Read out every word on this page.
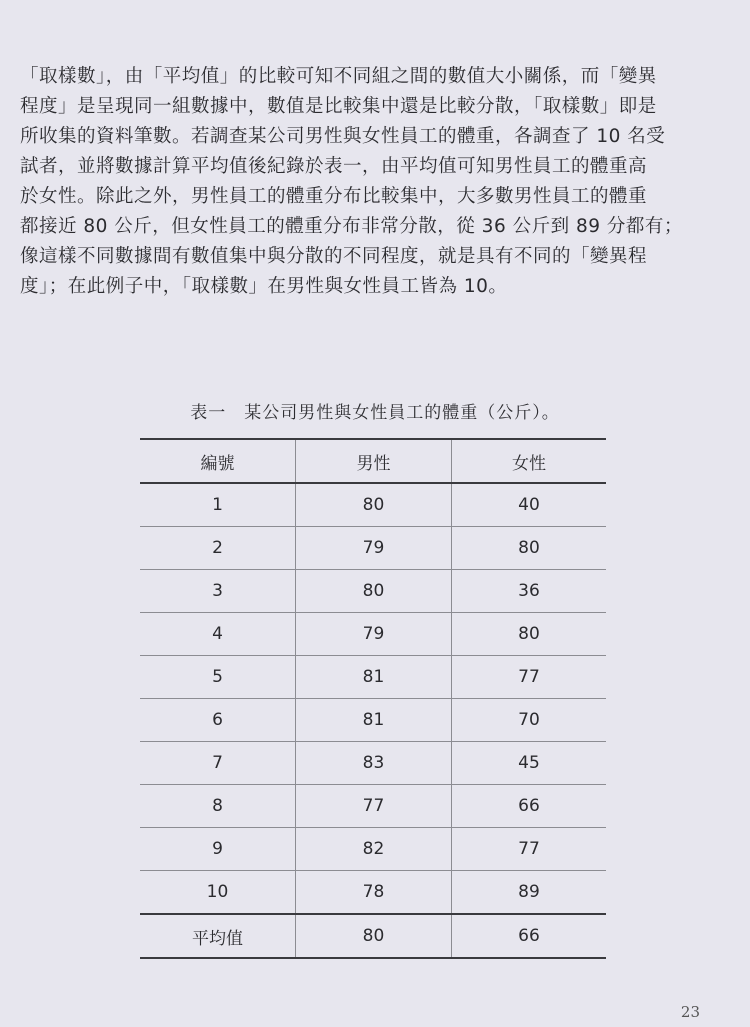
「取樣數」，由「平均值」的比較可知不同組之間的數值大小關係，而「變異
程度」是呈現同一組數據中，數值是比較集中還是比較分散，「取樣數」即是
所收集的資料筆數。若調查某公司男性與女性員工的體重，各調查了 10 名受
試者，並將數據計算平均值後紀錄於表一，由平均值可知男性員工的體重高
於女性。除此之外，男性員工的體重分布比較集中，大多數男性員工的體重
都接近 80 公斤，但女性員工的體重分布非常分散，從 36 公斤到 89 分都有；
像這樣不同數據間有數值集中與分散的不同程度，就是具有不同的「變異程
度」；在此例子中，「取樣數」在男性與女性員工皆為 10。
表一　某公司男性與女性員工的體重（公斤）。
編號	男性	女性
1	80	40
2	79	80
3	80	36
4	79	80
5	81	77
6	81	70
7	83	45
8	77	66
9	82	77
10	78	89
平均值	80	66
23
